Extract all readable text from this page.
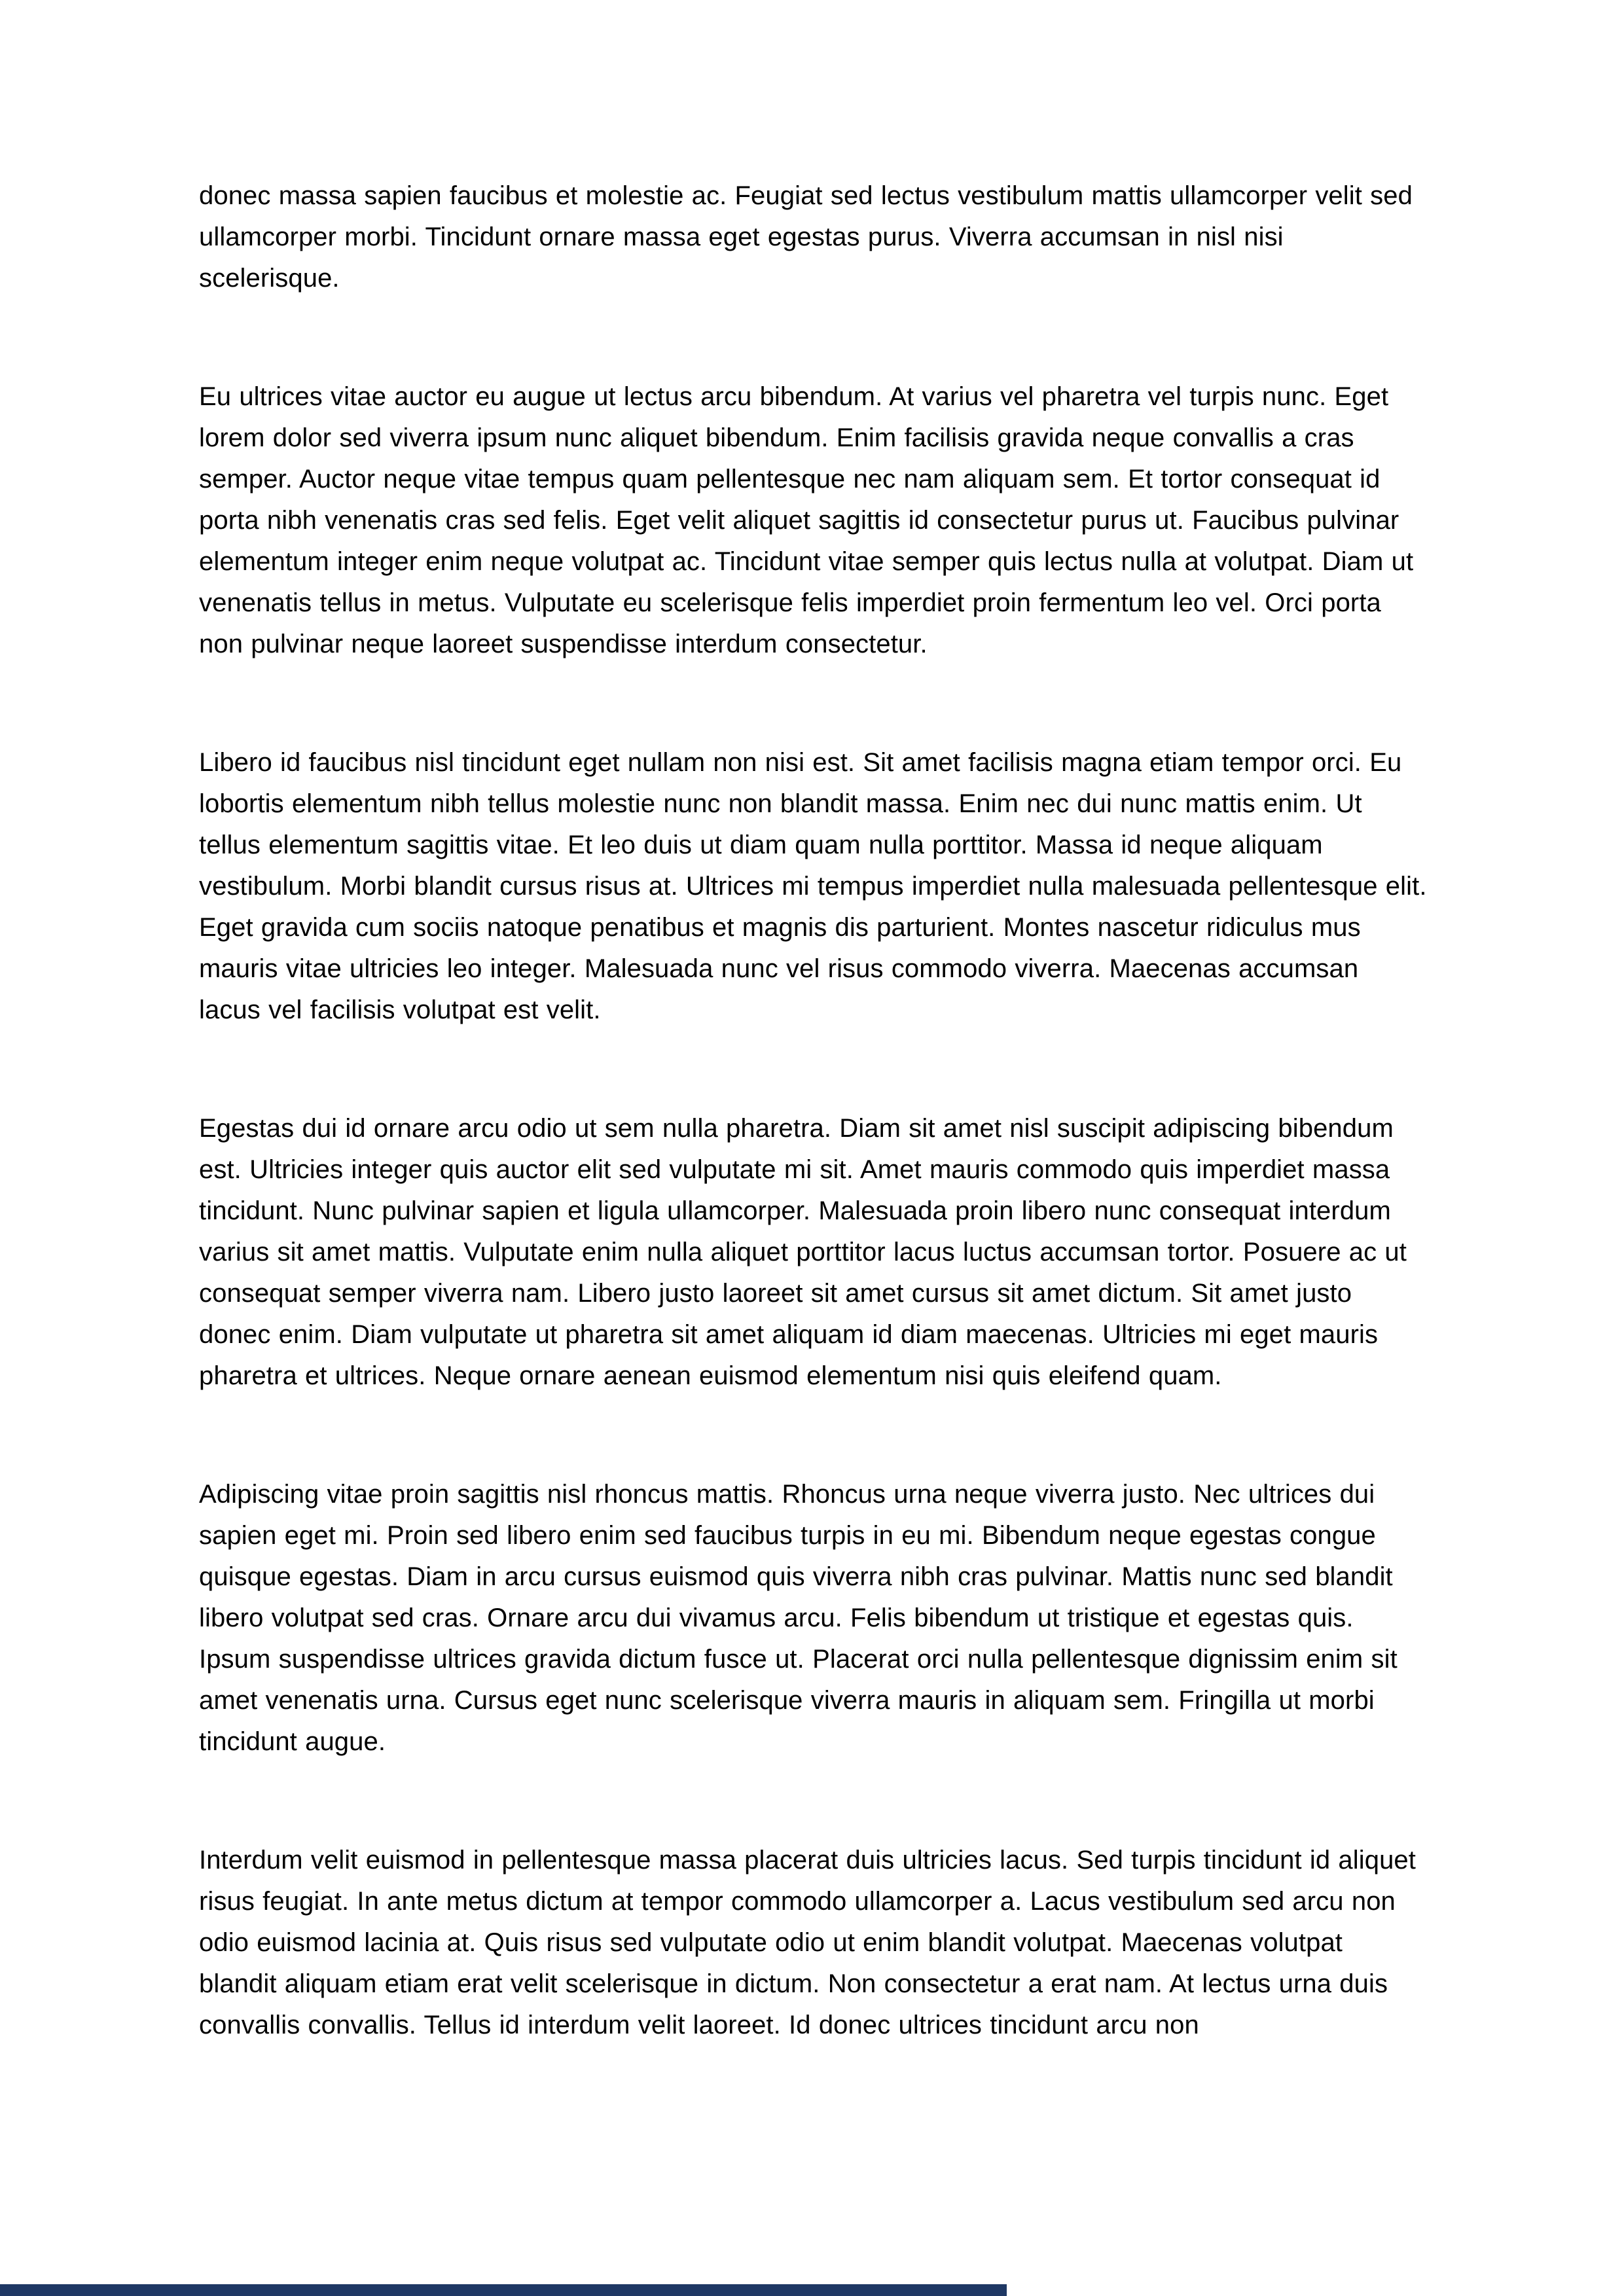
donec massa sapien faucibus et molestie ac. Feugiat sed lectus vestibulum mattis ullamcorper velit sed ullamcorper morbi. Tincidunt ornare massa eget egestas purus. Viverra accumsan in nisl nisi scelerisque.

Eu ultrices vitae auctor eu augue ut lectus arcu bibendum. At varius vel pharetra vel turpis nunc. Eget lorem dolor sed viverra ipsum nunc aliquet bibendum. Enim facilisis gravida neque convallis a cras semper. Auctor neque vitae tempus quam pellentesque nec nam aliquam sem. Et tortor consequat id porta nibh venenatis cras sed felis. Eget velit aliquet sagittis id consectetur purus ut. Faucibus pulvinar elementum integer enim neque volutpat ac. Tincidunt vitae semper quis lectus nulla at volutpat. Diam ut venenatis tellus in metus. Vulputate eu scelerisque felis imperdiet proin fermentum leo vel. Orci porta non pulvinar neque laoreet suspendisse interdum consectetur.

Libero id faucibus nisl tincidunt eget nullam non nisi est. Sit amet facilisis magna etiam tempor orci. Eu lobortis elementum nibh tellus molestie nunc non blandit massa. Enim nec dui nunc mattis enim. Ut tellus elementum sagittis vitae. Et leo duis ut diam quam nulla porttitor. Massa id neque aliquam vestibulum. Morbi blandit cursus risus at. Ultrices mi tempus imperdiet nulla malesuada pellentesque elit. Eget gravida cum sociis natoque penatibus et magnis dis parturient. Montes nascetur ridiculus mus mauris vitae ultricies leo integer. Malesuada nunc vel risus commodo viverra. Maecenas accumsan lacus vel facilisis volutpat est velit.

Egestas dui id ornare arcu odio ut sem nulla pharetra. Diam sit amet nisl suscipit adipiscing bibendum est. Ultricies integer quis auctor elit sed vulputate mi sit. Amet mauris commodo quis imperdiet massa tincidunt. Nunc pulvinar sapien et ligula ullamcorper. Malesuada proin libero nunc consequat interdum varius sit amet mattis. Vulputate enim nulla aliquet porttitor lacus luctus accumsan tortor. Posuere ac ut consequat semper viverra nam. Libero justo laoreet sit amet cursus sit amet dictum. Sit amet justo donec enim. Diam vulputate ut pharetra sit amet aliquam id diam maecenas. Ultricies mi eget mauris pharetra et ultrices. Neque ornare aenean euismod elementum nisi quis eleifend quam.

Adipiscing vitae proin sagittis nisl rhoncus mattis. Rhoncus urna neque viverra justo. Nec ultrices dui sapien eget mi. Proin sed libero enim sed faucibus turpis in eu mi. Bibendum neque egestas congue quisque egestas. Diam in arcu cursus euismod quis viverra nibh cras pulvinar. Mattis nunc sed blandit libero volutpat sed cras. Ornare arcu dui vivamus arcu. Felis bibendum ut tristique et egestas quis. Ipsum suspendisse ultrices gravida dictum fusce ut. Placerat orci nulla pellentesque dignissim enim sit amet venenatis urna. Cursus eget nunc scelerisque viverra mauris in aliquam sem. Fringilla ut morbi tincidunt augue.

Interdum velit euismod in pellentesque massa placerat duis ultricies lacus. Sed turpis tincidunt id aliquet risus feugiat. In ante metus dictum at tempor commodo ullamcorper a. Lacus vestibulum sed arcu non odio euismod lacinia at. Quis risus sed vulputate odio ut enim blandit volutpat. Maecenas volutpat blandit aliquam etiam erat velit scelerisque in dictum. Non consectetur a erat nam. At lectus urna duis convallis convallis. Tellus id interdum velit laoreet. Id donec ultrices tincidunt arcu non
